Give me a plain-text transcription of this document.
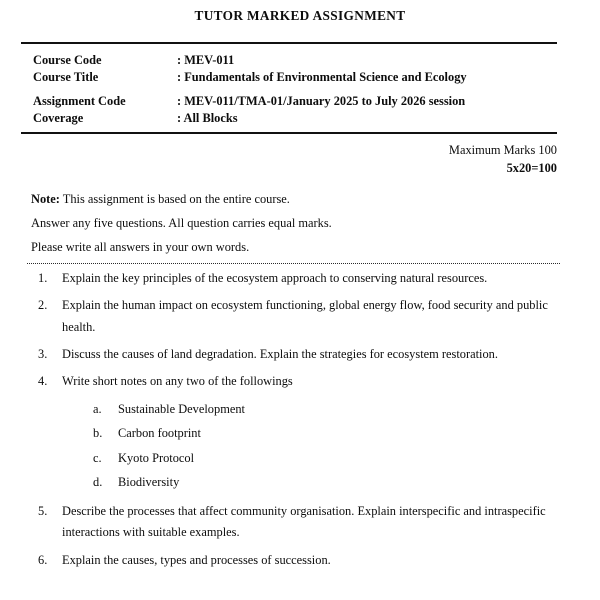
TUTOR MARKED ASSIGNMENT
Course Code	: MEV-011
Course Title	: Fundamentals of Environmental Science and Ecology
Assignment Code	: MEV-011/TMA-01/January 2025 to July 2026 session
Coverage	: All Blocks
Maximum Marks 100
5x20=100
Note: This assignment is based on the entire course.
Answer any five questions. All question carries equal marks.
Please write all answers in your own words.
1.	Explain the key principles of the ecosystem approach to conserving natural resources.
2.	Explain the human impact on ecosystem functioning, global energy flow, food security and public health.
3.	Discuss the causes of land degradation. Explain the strategies for ecosystem restoration.
4.	Write short notes on any two of the followings
a.	Sustainable Development
b.	Carbon footprint
c.	Kyoto Protocol
d.	Biodiversity
5.	Describe the processes that affect community organisation. Explain interspecific and intraspecific interactions with suitable examples.
6.	Explain the causes, types and processes of succession.
